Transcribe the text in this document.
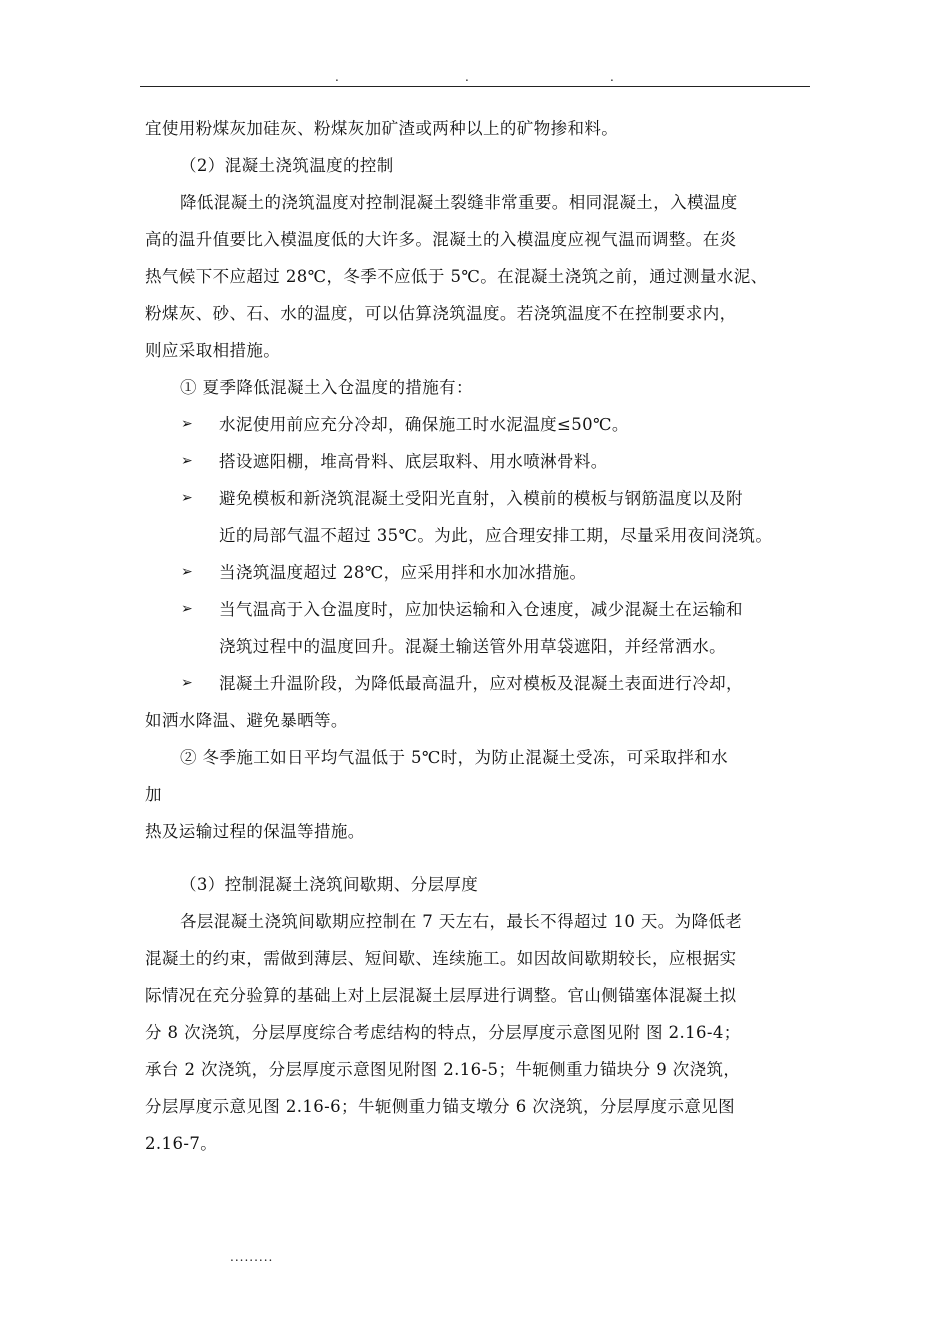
.	.	.
宜使用粉煤灰加硅灰、粉煤灰加矿渣或两种以上的矿物掺和料。
（2）混凝土浇筑温度的控制
降低混凝土的浇筑温度对控制混凝土裂缝非常重要。相同混凝土，入模温度
高的温升值要比入模温度低的大许多。混凝土的入模温度应视气温而调整。在炎
热气候下不应超过 28℃，冬季不应低于 5℃。在混凝土浇筑之前，通过测量水泥、
粉煤灰、砂、石、水的温度，可以估算浇筑温度。若浇筑温度不在控制要求内，
则应采取相措施。
① 夏季降低混凝土入仓温度的措施有：
➢	水泥使用前应充分冷却，确保施工时水泥温度≤50℃。
➢	搭设遮阳棚，堆高骨料、底层取料、用水喷淋骨料。
➢	避免模板和新浇筑混凝土受阳光直射，入模前的模板与钢筋温度以及附
近的局部气温不超过 35℃。为此，应合理安排工期，尽量采用夜间浇筑。
➢	当浇筑温度超过 28℃，应采用拌和水加冰措施。
➢	当气温高于入仓温度时，应加快运输和入仓速度，减少混凝土在运输和
浇筑过程中的温度回升。混凝土输送管外用草袋遮阳，并经常洒水。
➢	混凝土升温阶段，为降低最高温升，应对模板及混凝土表面进行冷却，
如洒水降温、避免暴晒等。
② 冬季施工如日平均气温低于 5℃时，为防止混凝土受冻，可采取拌和水
加
热及运输过程的保温等措施。
（3）控制混凝土浇筑间歇期、分层厚度
各层混凝土浇筑间歇期应控制在 7 天左右，最长不得超过 10 天。为降低老
混凝土的约束，需做到薄层、短间歇、连续施工。如因故间歇期较长，应根据实
际情况在充分验算的基础上对上层混凝土层厚进行调整。官山侧锚塞体混凝土拟
分 8 次浇筑，分层厚度综合考虑结构的特点，分层厚度示意图见附 图 2.16-4；
承台 2 次浇筑，分层厚度示意图见附图 2.16-5；牛轭侧重力锚块分 9 次浇筑，
分层厚度示意见图 2.16-6；牛轭侧重力锚支墩分 6 次浇筑，分层厚度示意见图
2.16-7。
.........
